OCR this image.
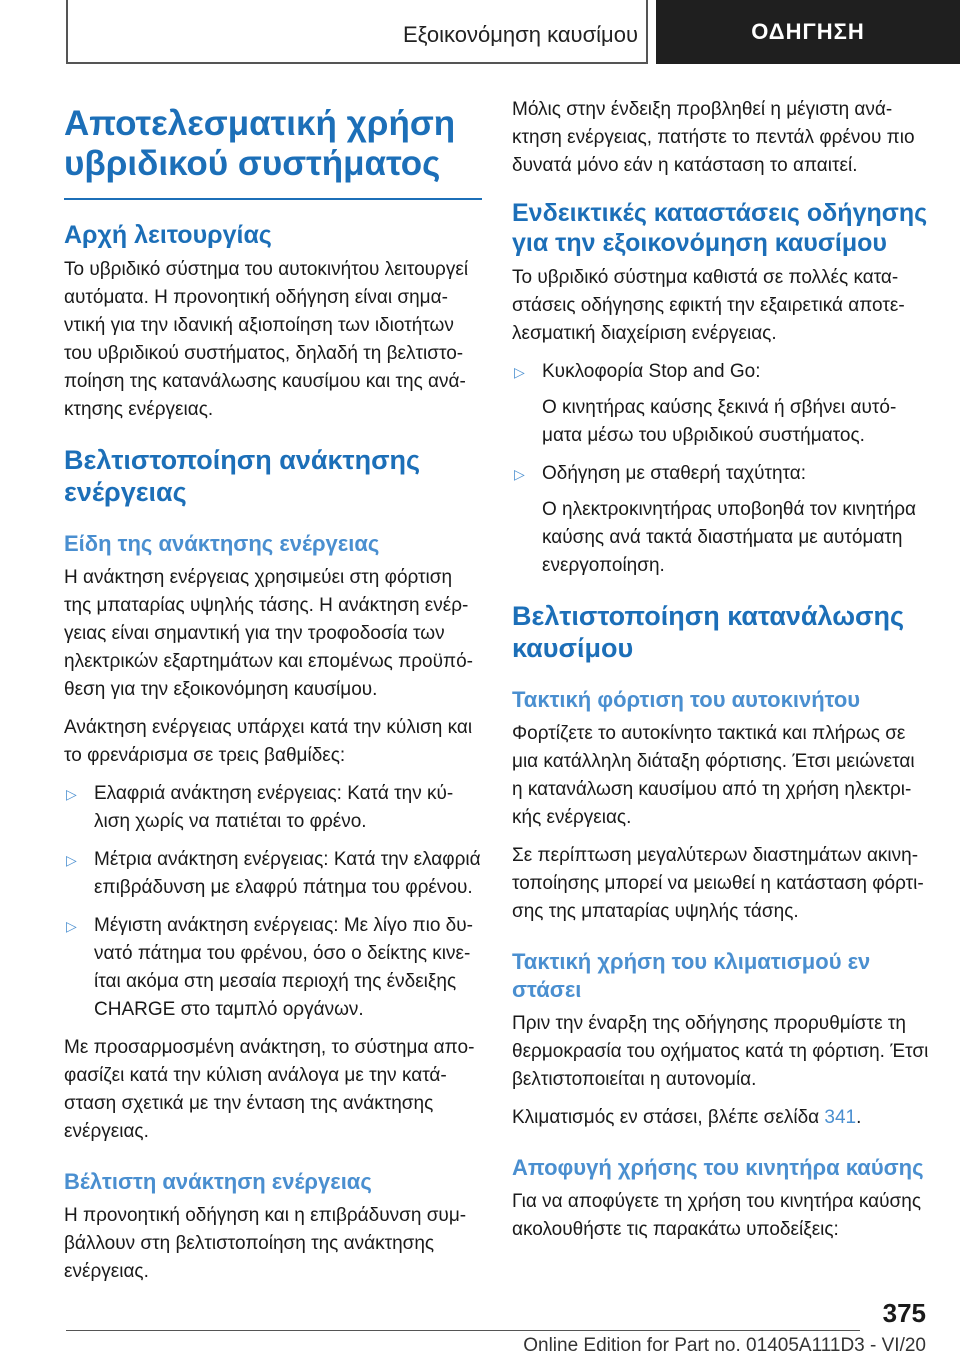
Εξοικονόμηση καυσίμου	ΟΔΗΓΗΣΗ
Αποτελεσματική χρήση υβριδικού συστήματος
Αρχή λειτουργίας

Το υβριδικό σύστημα του αυτοκινήτου λειτουργεί αυτόματα. Η προνοητική οδήγηση είναι σημαντική για την ιδανική αξιοποίηση των ιδιοτήτων του υβριδικού συστήματος, δηλαδή τη βελτιστοποίηση της κατανάλωσης καυσίμου και της ανάκτησης ενέργειας.

Βελτιστοποίηση ανάκτησης ενέργειας
Είδη της ανάκτησης ενέργειας

Η ανάκτηση ενέργειας χρησιμεύει στη φόρτιση της μπαταρίας υψηλής τάσης. Η ανάκτηση ενέργειας είναι σημαντική για την τροφοδοσία των ηλεκτρικών εξαρτημάτων και επομένως προϋπόθεση για την εξοικονόμηση καυσίμου.

Ανάκτηση ενέργειας υπάρχει κατά την κύλιση και το φρενάρισμα σε τρεις βαθμίδες:

▷ Ελαφριά ανάκτηση ενέργειας: Κατά την κύλιση χωρίς να πατιέται το φρένο.
▷ Μέτρια ανάκτηση ενέργειας: Κατά την ελαφριά επιβράδυνση με ελαφρύ πάτημα του φρένου.
▷ Μέγιστη ανάκτηση ενέργειας: Με λίγο πιο δυνατό πάτημα του φρένου, όσο ο δείκτης κινείται ακόμα στη μεσαία περιοχή της ένδειξης CHARGE στο ταμπλό οργάνων.

Με προσαρμοσμένη ανάκτηση, το σύστημα αποφασίζει κατά την κύλιση ανάλογα με την κατάσταση σχετικά με την ένταση της ανάκτησης ενέργειας.

Βέλτιστη ανάκτηση ενέργειας

Η προνοητική οδήγηση και η επιβράδυνση συμβάλλουν στη βελτιστοποίηση της ανάκτησης ενέργειας.

Μόλις στην ένδειξη προβληθεί η μέγιστη ανάκτηση ενέργειας, πατήστε το πεντάλ φρένου πιο δυνατά μόνο εάν η κατάσταση το απαιτεί.

Ενδεικτικές καταστάσεις οδήγησης για την εξοικονόμηση καυσίμου

Το υβριδικό σύστημα καθιστά σε πολλές καταστάσεις οδήγησης εφικτή την εξαιρετικά αποτελεσματική διαχείριση ενέργειας.

▷ Κυκλοφορία Stop and Go:
Ο κινητήρας καύσης ξεκινά ή σβήνει αυτόματα μέσω του υβριδικού συστήματος.
▷ Οδήγηση με σταθερή ταχύτητα:
Ο ηλεκτροκινητήρας υποβοηθά τον κινητήρα καύσης ανά τακτά διαστήματα με αυτόματη ενεργοποίηση.
Βελτιστοποίηση κατανάλωσης καυσίμου
Τακτική φόρτιση του αυτοκινήτου

Φορτίζετε το αυτοκίνητο τακτικά και πλήρως σε μια κατάλληλη διάταξη φόρτισης. Έτσι μειώνεται η κατανάλωση καυσίμου από τη χρήση ηλεκτρικής ενέργειας.

Σε περίπτωση μεγαλύτερων διαστημάτων ακινητοποίησης μπορεί να μειωθεί η κατάσταση φόρτισης της μπαταρίας υψηλής τάσης.

Τακτική χρήση του κλιματισμού εν στάσει

Πριν την έναρξη της οδήγησης προρυθμίστε τη θερμοκρασία του οχήματος κατά τη φόρτιση. Έτσι βελτιστοποιείται η αυτονομία.

Κλιματισμός εν στάσει, βλέπε σελίδα 341.

Αποφυγή χρήσης του κινητήρα καύσης

Για να αποφύγετε τη χρήση του κινητήρα καύσης ακολουθήστε τις παρακάτω υποδείξεις:

375
Online Edition for Part no. 01405A111D3 - VI/20
